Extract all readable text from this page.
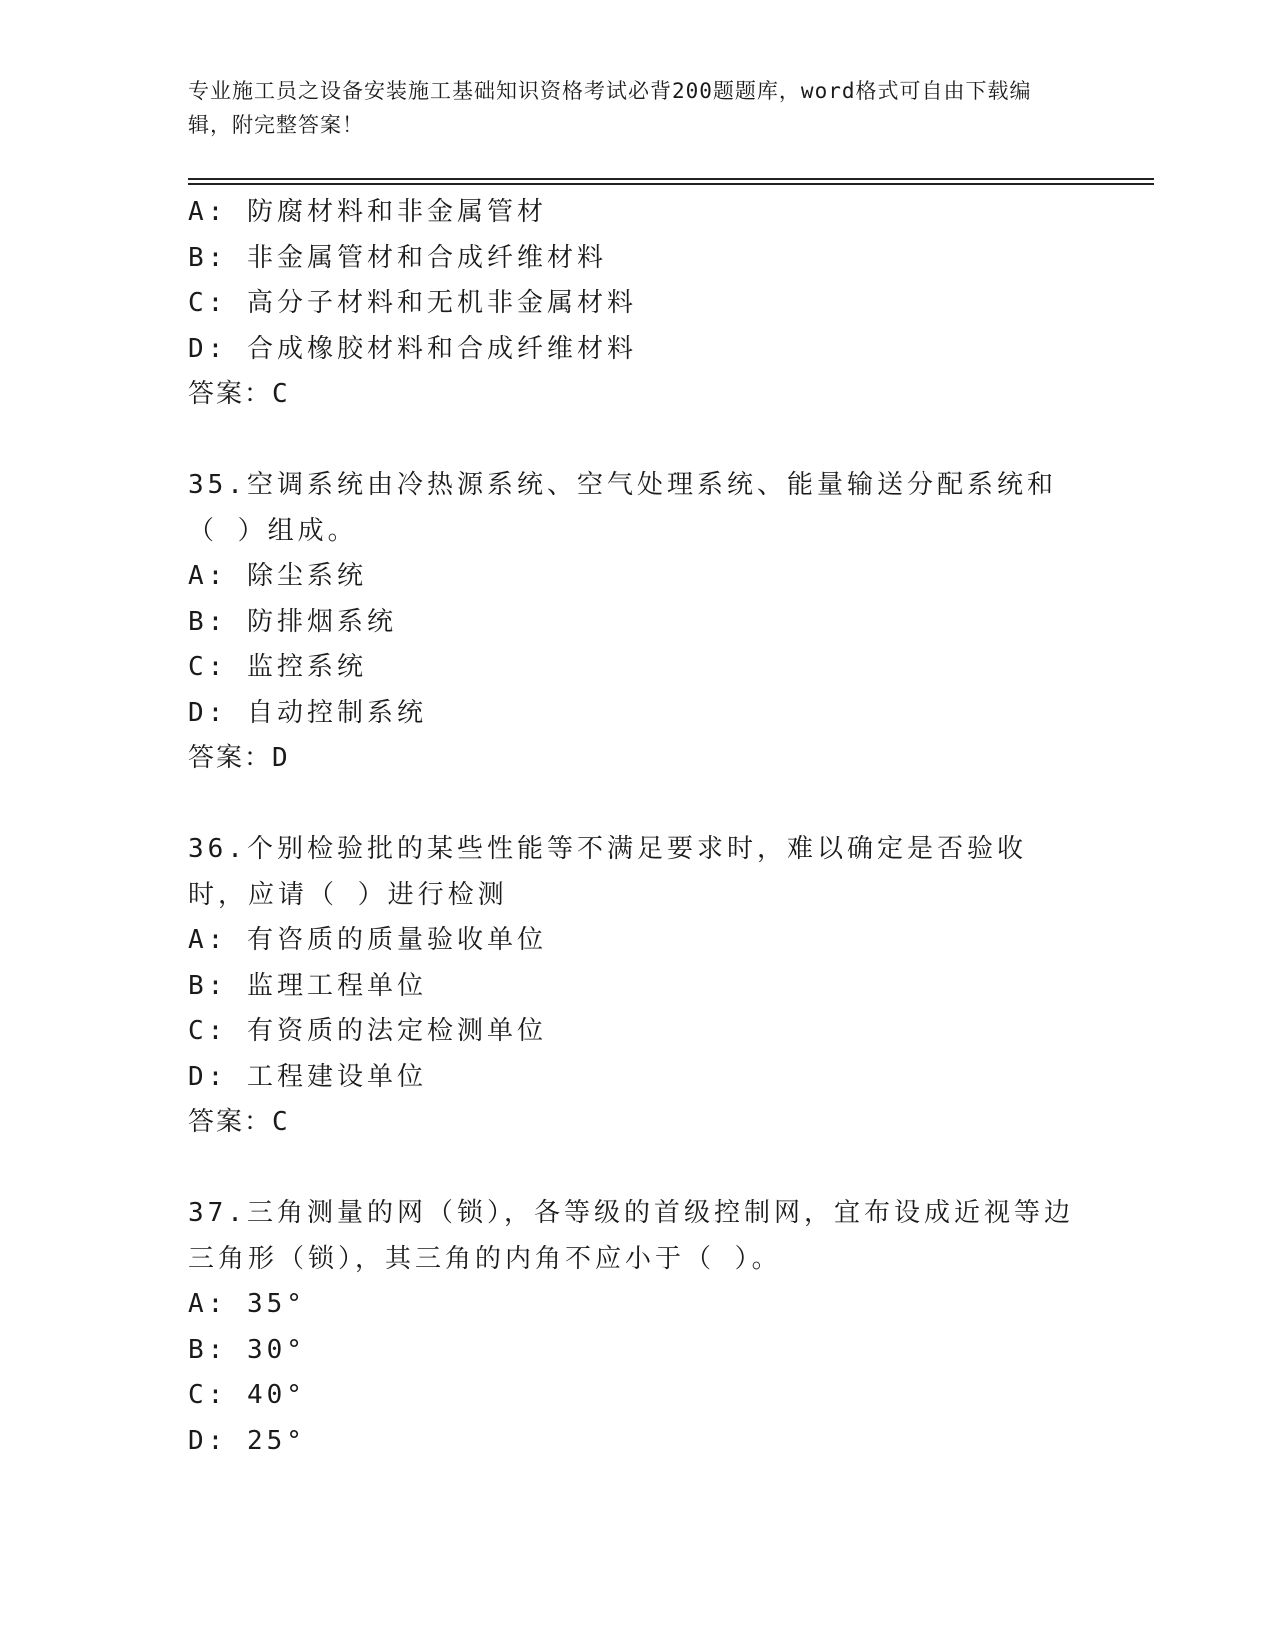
专业施工员之设备安装施工基础知识资格考试必背200题题库，word格式可自由下载编辑，附完整答案！
A: 防腐材料和非金属管材
B: 非金属管材和合成纤维材料
C: 高分子材料和无机非金属材料
D: 合成橡胶材料和合成纤维材料
答案：C
35.空调系统由冷热源系统、空气处理系统、能量输送分配系统和（ ）组成。
A: 除尘系统
B: 防排烟系统
C: 监控系统
D: 自动控制系统
答案：D
36.个别检验批的某些性能等不满足要求时，难以确定是否验收时，应请（ ）进行检测
A: 有咨质的质量验收单位
B: 监理工程单位
C: 有资质的法定检测单位
D: 工程建设单位
答案：C
37.三角测量的网（锁），各等级的首级控制网，宜布设成近视等边三角形（锁），其三角的内角不应小于（ ）。
A: 35°
B: 30°
C: 40°
D: 25°
